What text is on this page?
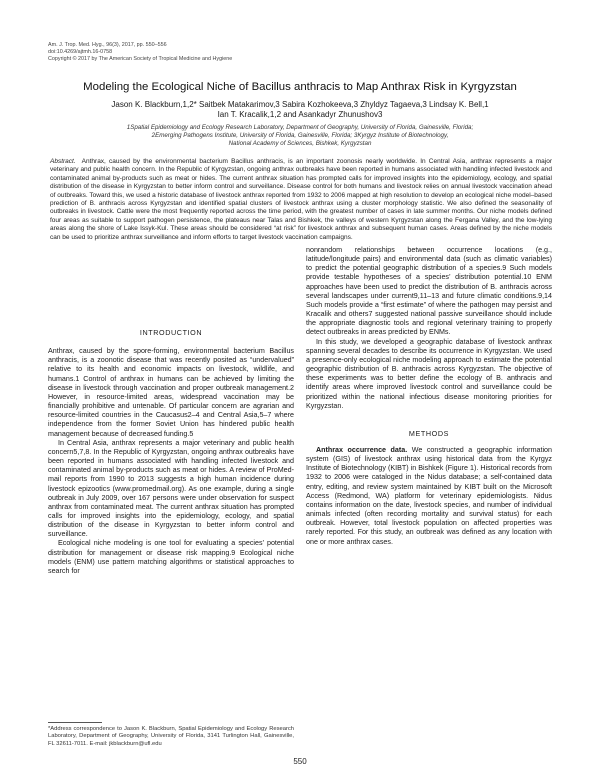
Am. J. Trop. Med. Hyg., 96(3), 2017, pp. 550–556
doi:10.4269/ajtmh.16-0758
Copyright © 2017 by The American Society of Tropical Medicine and Hygiene
Modeling the Ecological Niche of Bacillus anthracis to Map Anthrax Risk in Kyrgyzstan
Jason K. Blackburn,1,2* Saitbek Matakarimov,3 Sabira Kozhokeeva,3 Zhyldyz Tagaeva,3 Lindsay K. Bell,1
Ian T. Kracalik,1,2 and Asankadyr Zhunushov3
1Spatial Epidemiology and Ecology Research Laboratory, Department of Geography, University of Florida, Gainesville, Florida;
2Emerging Pathogens Institute, University of Florida, Gainesville, Florida; 3Kyrgyz Institute of Biotechnology,
National Academy of Sciences, Bishkek, Kyrgyzstan
Abstract. Anthrax, caused by the environmental bacterium Bacillus anthracis, is an important zoonosis nearly worldwide. In Central Asia, anthrax represents a major veterinary and public health concern. In the Republic of Kyrgyzstan, ongoing anthrax outbreaks have been reported in humans associated with handling infected livestock and contaminated animal by-products such as meat or hides. The current anthrax situation has prompted calls for improved insights into the epidemiology, ecology, and spatial distribution of the disease in Kyrgyzstan to better inform control and surveillance. Disease control for both humans and livestock relies on annual livestock vaccination ahead of outbreaks. Toward this, we used a historic database of livestock anthrax reported from 1932 to 2006 mapped at high resolution to develop an ecological niche model–based prediction of B. anthracis across Kyrgyzstan and identified spatial clusters of livestock anthrax using a cluster morphology statistic. We also defined the seasonality of outbreaks in livestock. Cattle were the most frequently reported across the time period, with the greatest number of cases in late summer months. Our niche models defined four areas as suitable to support pathogen persistence, the plateaus near Talas and Bishkek, the valleys of western Kyrgyzstan along the Fergana Valley, and the low-lying areas along the shore of Lake Issyk-Kul. These areas should be considered “at risk” for livestock anthrax and subsequent human cases. Areas defined by the niche models can be used to prioritize anthrax surveillance and inform efforts to target livestock vaccination campaigns.
INTRODUCTION

Anthrax, caused by the spore-forming, environmental bacterium Bacillus anthracis, is a zoonotic disease that was recently posited as “undervalued” relative to its health and economic impacts on livestock, wildlife, and humans.1 Control of anthrax in humans can be achieved by limiting the disease in livestock through vaccination and proper outbreak management.2 However, in resource-limited areas, widespread vaccination may be financially prohibitive and untenable. Of particular concern are agrarian and resource-limited countries in the Caucasus2–4 and Central Asia,5–7 where independence from the former Soviet Union has hindered public health management because of decreased funding.5

In Central Asia, anthrax represents a major veterinary and public health concern5,7,8. In the Republic of Kyrgyzstan, ongoing anthrax outbreaks have been reported in humans associated with handling infected livestock and contaminated animal by-products such as meat or hides. A review of ProMed-mail reports from 1990 to 2013 suggests a high human incidence during livestock epizootics (www.promedmail.org). As one example, during a single outbreak in July 2009, over 167 persons were under observation for suspect anthrax from contaminated meat. The current anthrax situation has prompted calls for improved insights into the epidemiology, ecology, and spatial distribution of the disease in Kyrgyzstan to better inform control and surveillance.

Ecological niche modeling is one tool for evaluating a species’ potential distribution for management or disease risk mapping.9 Ecological niche models (ENM) use pattern matching algorithms or statistical approaches to search for

nonrandom relationships between occurrence locations (e.g., latitude/longitude pairs) and environmental data (such as climatic variables) to predict the potential geographic distribution of a species.9 Such models provide testable hypotheses of a species’ distribution potential.10 ENM approaches have been used to predict the distribution of B. anthracis across several landscapes under current9,11–13 and future climatic conditions.9,14 Such models provide a “first estimate” of where the pathogen may persist and Kracalik and others7 suggested national passive surveillance should include the appropriate diagnostic tools and regional veterinary training to properly detect outbreaks in areas predicted by ENMs.

In this study, we developed a geographic database of livestock anthrax spanning several decades to describe its occurrence in Kyrgyzstan. We used a presence-only ecological niche modeling approach to estimate the potential geographic distribution of B. anthracis across Kyrgyzstan. The objective of these experiments was to better define the ecology of B. anthracis and identify areas where improved livestock control and surveillance could be prioritized within the national infectious disease monitoring priorities for Kyrgyzstan.

METHODS

Anthrax occurrence data. We constructed a geographic information system (GIS) of livestock anthrax using historical data from the Kyrgyz Institute of Biotechnology (KIBT) in Bishkek (Figure 1). Historical records from 1932 to 2006 were cataloged in the Nidus database; a self-contained data entry, editing, and review system maintained by KIBT built on the Microsoft Access (Redmond, WA) platform for veterinary epidemiologists. Nidus contains information on the date, livestock species, and number of individual animals infected (often recording mortality and survival status) for each outbreak. However, total livestock population on affected properties was rarely reported. For this study, an outbreak was defined as any location with one or more anthrax cases.

*Address correspondence to Jason K. Blackburn, Spatial Epidemiology and Ecology Research Laboratory, Department of Geography, University of Florida, 3141 Turlington Hall, Gainesville, FL 32611-7011. E-mail: jkblackburn@ufl.edu
550
